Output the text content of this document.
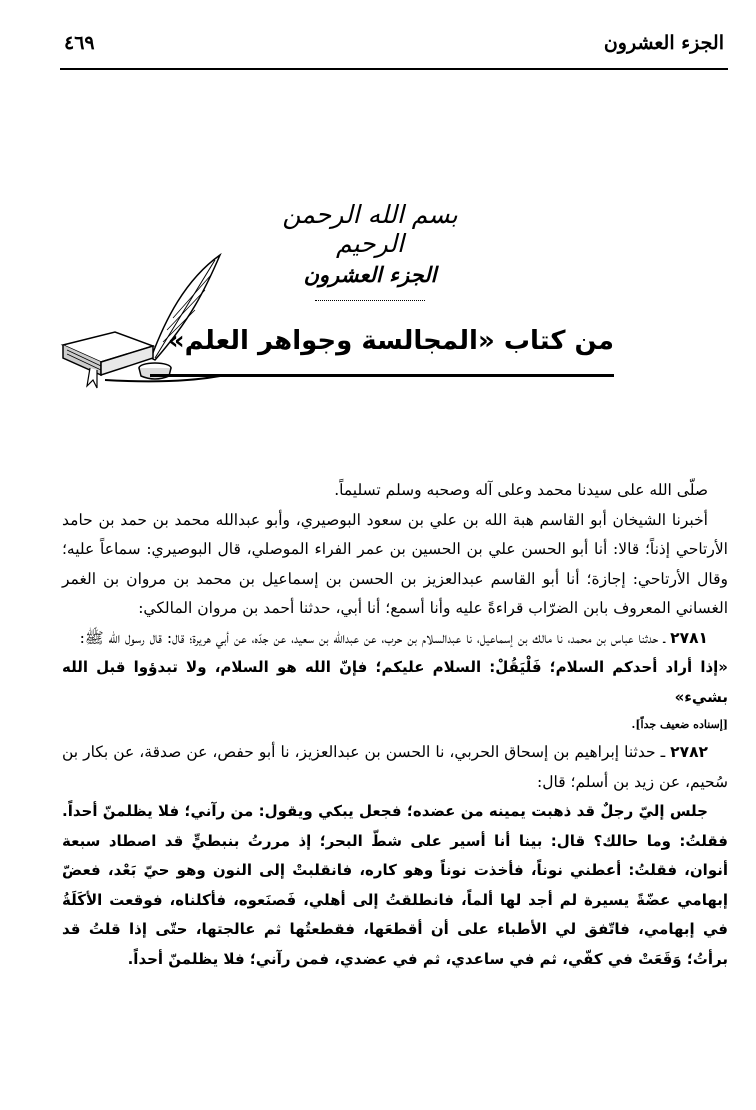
الجزء العشرون
٤٦٩
بسم الله الرحمن الرحيم
الجزء العشرون
من كتاب «المجالسة وجواهر العلم»

صلّى الله على سيدنا محمد وعلى آله وصحبه وسلم تسليماً.

أخبرنا الشيخان أبو القاسم هبة الله بن علي بن سعود البوصيري، وأبو عبدالله محمد بن حمد بن حامد الأرتاحي إذناً؛ قالا: أنا أبو الحسن علي بن الحسين بن عمر الفراء الموصلي، قال البوصيري: سماعاً عليه؛ وقال الأرتاحي: إجازة؛ أنا أبو القاسم عبدالعزيز بن الحسن بن إسماعيل بن محمد بن مروان بن الغمر الغساني المعروف بابن الضرّاب قراءةً عليه وأنا أسمع؛ أنا أبي، حدثنا أحمد بن مروان المالكي:

٢٧٨١ ـ حدثنا عباس بن محمد، نا مالك بن إسماعيل، نا عبدالسلام بن حرب، عن عبدالله بن سعيد، عن جدّه، عن أبي هريرة؛ قال: قال رسول الله ﷺ:

«إذا أراد أحدكم السلام؛ فَلْيَقُلْ: السلام عليكم؛ فإنّ الله هو السلام، ولا تبدؤوا قبل الله بشيء»

[إسناده ضعيف جداً].

٢٧٨٢ ـ حدثنا إبراهيم بن إسحاق الحربي، نا الحسن بن عبدالعزيز، نا أبو حفص، عن صدقة، عن بكار بن سُحيم، عن زيد بن أسلم؛ قال:

جلس إليّ رجلٌ قد ذهبت يمينه من عضده؛ فجعل يبكي ويقول: من رآني؛ فلا يظلمنّ أحداً. فقلتُ: وما حالك؟ قال: بينا أنا أسير على شطّ البحر؛ إذ مررتُ بنبطيٍّ قد اصطاد سبعة أنوان، فقلتُ: أعطني نوناً، فأخذت نوناً وهو كاره، فانقلبتْ إلى النون وهو حيّ بَعْد، فعضّ إبهامي عضّةً يسيرة لم أجد لها ألماً، فانطلقتُ إلى أهلي، فَصنَعوه، فأكلناه، فوقعت الأكَلَةُ في إبهامي، فاتّفق لي الأطباء على أن أقطعَها، فقطعتُها ثم عالجتها، حتّى إذا قلتُ قد برأتُ؛ وَقَعَتْ في كفّي، ثم في ساعدي، ثم في عضدي، فمن رآني؛ فلا يظلمنّ أحداً.
